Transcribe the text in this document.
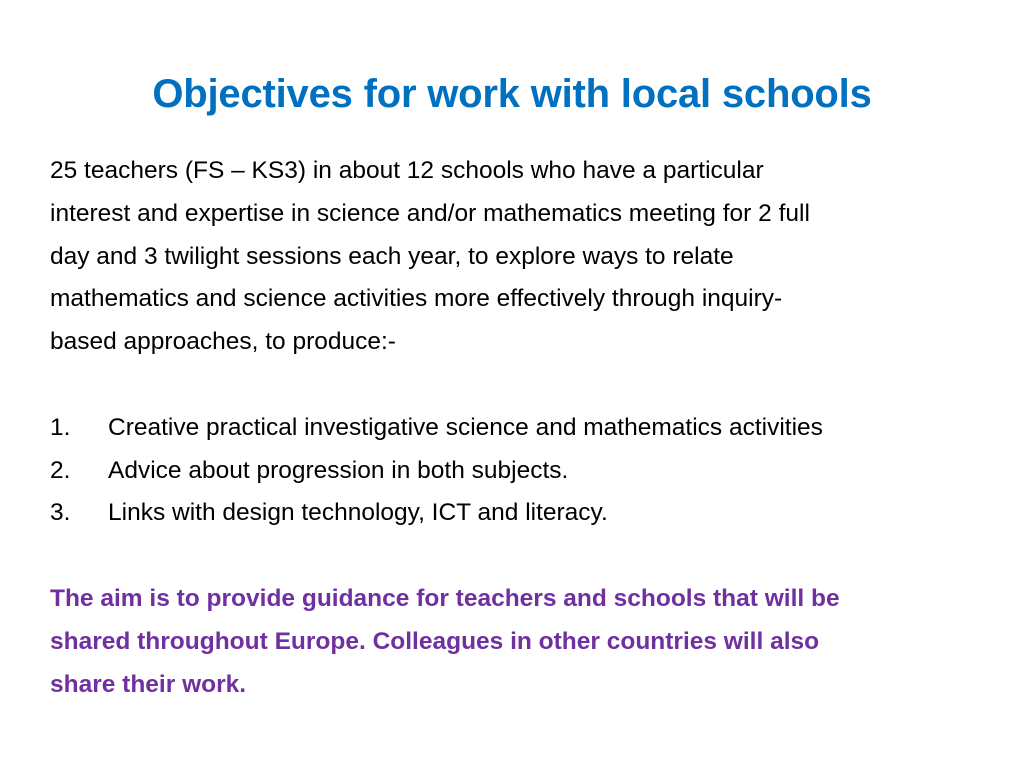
Objectives for work with local schools

25 teachers (FS – KS3) in about 12 schools who have a particular
interest and expertise in science and/or mathematics meeting for 2 full
day and 3 twilight sessions each year, to explore ways to relate
mathematics and science activities more effectively through inquiry-
based approaches, to produce:-

1.	Creative practical investigative science and mathematics activities
2.	Advice about progression in both subjects.
3.	Links with design technology, ICT and literacy.

The aim is to provide guidance for teachers and schools that will be
shared throughout Europe. Colleagues in other countries will also
share their work.
